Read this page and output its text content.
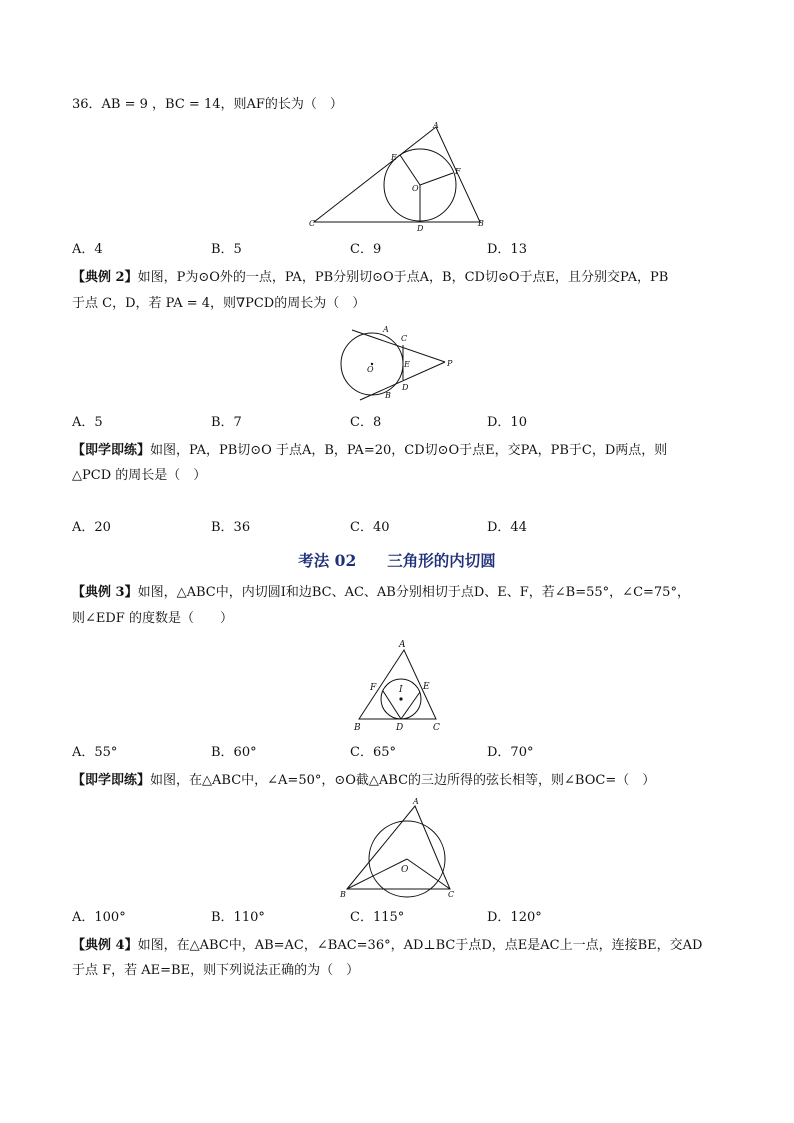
36．AB = 9 ，BC = 14，则AF的长为（　）
A
E
F
O
C
D
B
A．4	B．5	C．9	D．13
【典例 2】如图，P为⊙O外的一点，PA，PB分别切⊙O于点A，B，CD切⊙O于点E，且分别交PA，PB
于点 C，D，若 PA = 4，则∇PCD的周长为（　）
A
C
E	P
O
D
B
A．5	B．7	C．8	D．10
【即学即练】如图，PA，PB切⊙O 于点A，B，PA=20，CD切⊙O于点E，交PA，PB于C，D两点，则
△PCD 的周长是（　）
A．20	B．36	C．40	D．44
考法 02　　三角形的内切圆
【典例 3】如图，△ABC中，内切圆I和边BC、AC、AB分别相切于点D、E、F，若∠B=55°，∠C=75°，
则∠EDF 的度数是（　　）
A
F	I E
B	D	C
A．55°	B．60°	C．65°	D．70°
【即学即练】如图，在△ABC中，∠A=50°，⊙O截△ABC的三边所得的弦长相等，则∠BOC=（　）
A
O
B	C
A．100°	B．110°	C．115°	D．120°
【典例 4】如图，在△ABC中，AB=AC，∠BAC=36°，AD⊥BC于点D，点E是AC上一点，连接BE，交AD
于点 F，若 AE=BE，则下列说法正确的为（　）
